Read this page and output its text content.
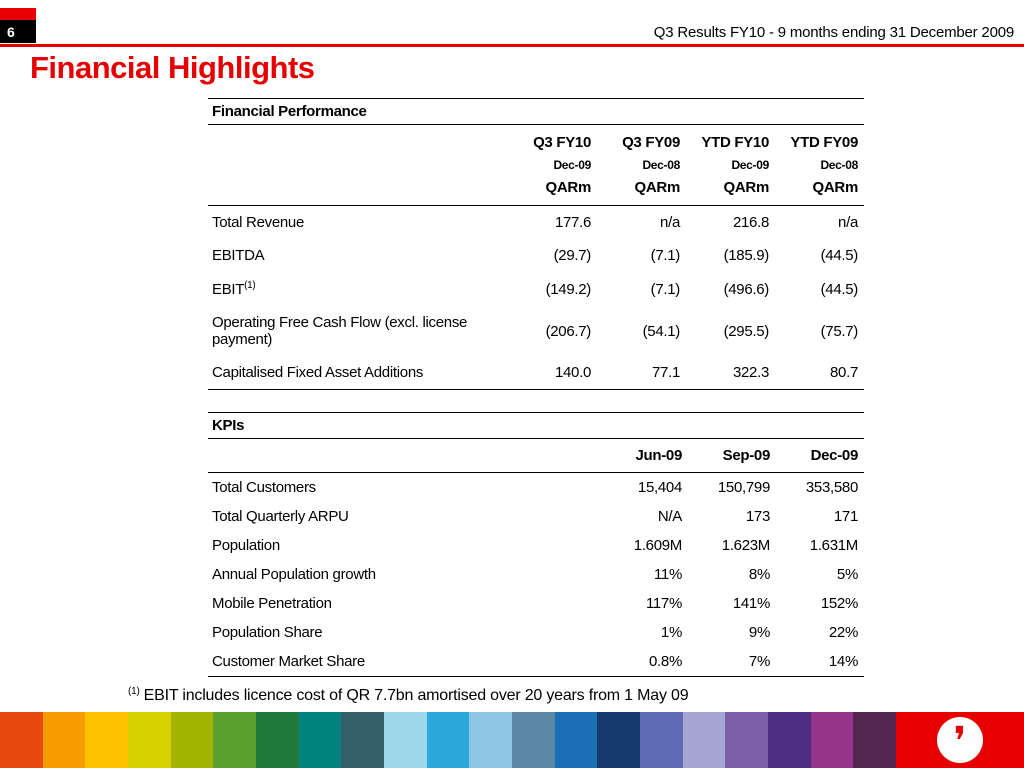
6	Q3 Results FY10 - 9 months ending 31 December 2009
Financial Highlights
Financial Performance
	Q3 FY10	Q3 FY09	YTD FY10	YTD FY09
	Dec-09	Dec-08	Dec-09	Dec-08
	QARm	QARm	QARm	QARm
Total Revenue	177.6	n/a	216.8	n/a
EBITDA	(29.7)	(7.1)	(185.9)	(44.5)
EBIT$^{(1)}$	(149.2)	(7.1)	(496.6)	(44.5)
Operating Free Cash Flow (excl. license payment)	(206.7)	(54.1)	(295.5)	(75.7)
Capitalised Fixed Asset Additions	140.0	77.1	322.3	80.7
KPIs
	Jun-09	Sep-09	Dec-09
Total Customers	15,404	150,799	353,580
Total Quarterly ARPU	N/A	173	171
Population	1.609M	1.623M	1.631M
Annual Population growth	11%	8%	5%
Mobile Penetration	117%	141%	152%
Population Share	1%	9%	22%
Customer Market Share	0.8%	7%	14%
$^{(1)}$ EBIT includes licence cost of QR 7.7bn amortised over 20 years from 1 May 09
❜
